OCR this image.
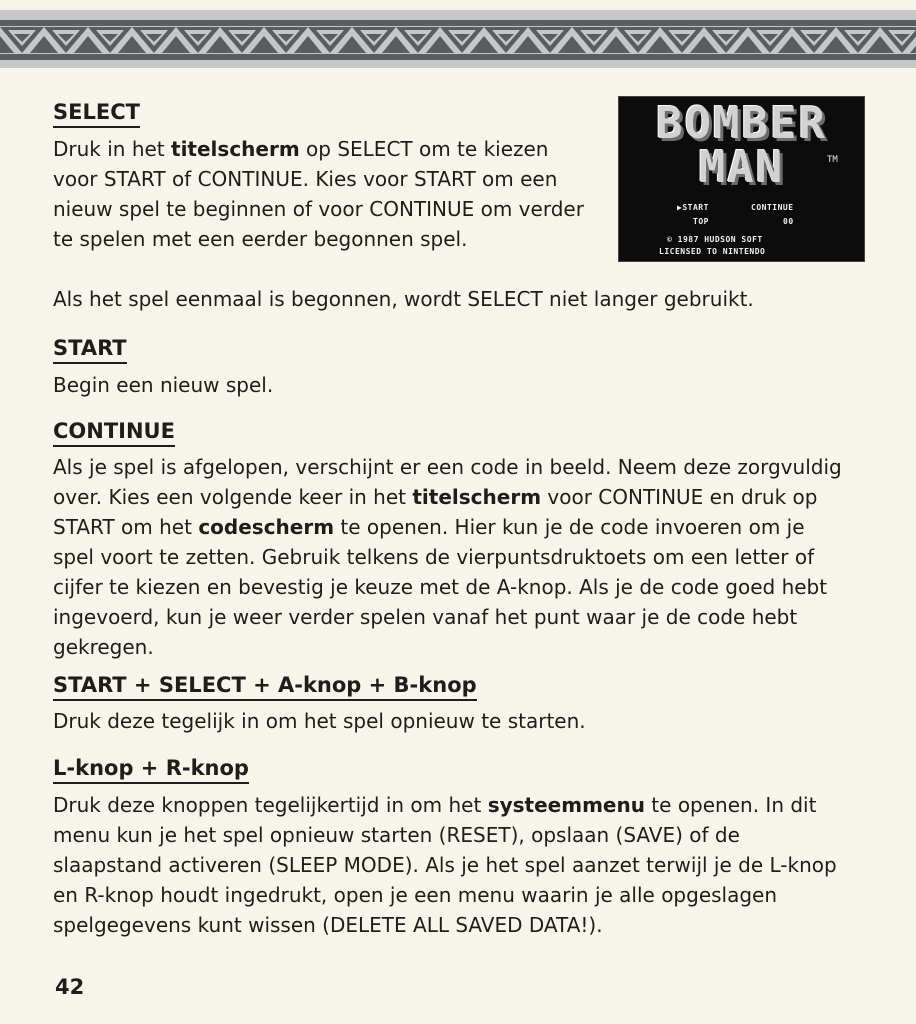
SELECT

Druk in het titelscherm op SELECT om te kiezen voor START of CONTINUE. Kies voor START om een nieuw spel te beginnen of voor CONTINUE om verder te spelen met een eerder begonnen spel.

Als het spel eenmaal is begonnen, wordt SELECT niet langer gebruikt.

BOMBER
MAN	TM
▶START	CONTINUE
TOP	00
© 1987 HUDSON SOFT
LICENSED TO NINTENDO
START

Begin een nieuw spel.

CONTINUE

Als je spel is afgelopen, verschijnt er een code in beeld. Neem deze zorgvuldig over. Kies een volgende keer in het titelscherm voor CONTINUE en druk op START om het codescherm te openen. Hier kun je de code invoeren om je spel voort te zetten. Gebruik telkens de vierpuntsdruktoets om een letter of cijfer te kiezen en bevestig je keuze met de A-knop. Als je de code goed hebt ingevoerd, kun je weer verder spelen vanaf het punt waar je de code hebt gekregen.

START + SELECT + A-knop + B-knop

Druk deze tegelijk in om het spel opnieuw te starten.

L-knop + R-knop

Druk deze knoppen tegelijkertijd in om het systeemmenu te openen. In dit menu kun je het spel opnieuw starten (RESET), opslaan (SAVE) of de slaapstand activeren (SLEEP MODE). Als je het spel aanzet terwijl je de L-knop en R-knop houdt ingedrukt, open je een menu waarin je alle opgeslagen spelgegevens kunt wissen (DELETE ALL SAVED DATA!).

42
